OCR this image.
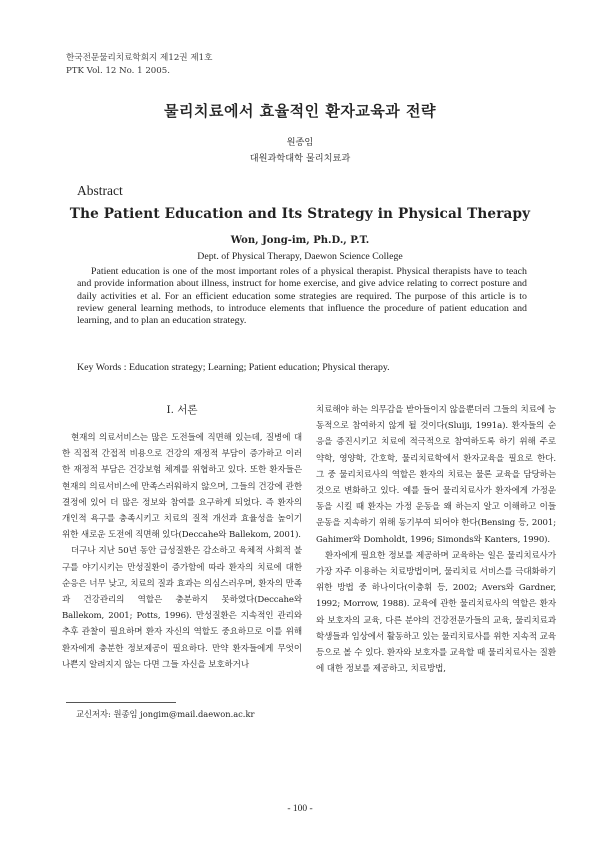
한국전문물리치료학회지 제12권 제1호
PTK Vol. 12 No. 1 2005.
물리치료에서 효율적인 환자교육과 전략
원종임
대원과학대학 물리치료과
Abstract
The Patient Education and Its Strategy in Physical Therapy
Won, Jong-im, Ph.D., P.T.
Dept. of Physical Therapy, Daewon Science College

Patient education is one of the most important roles of a physical therapist. Physical therapists have to teach and provide information about illness, instruct for home exercise, and give advice relating to correct posture and daily activities et al. For an efficient education some strategies are required. The purpose of this article is to review general learning methods, to introduce elements that influence the procedure of patient education and learning, and to plan an education strategy.

Key Words : Education strategy; Learning; Patient education; Physical therapy.
I. 서론

현재의 의료서비스는 많은 도전들에 직면해 있는데, 질병에 대한 직접적 간접적 비용으로 건강의 재정적 부담이 증가하고 이러한 재정적 부담은 건강보험 체계를 위협하고 있다. 또한 환자들은 현재의 의료서비스에 만족스러워하지 않으며, 그들의 건강에 관한 결정에 있어 더 많은 정보와 참여를 요구하게 되었다. 즉 환자의 개인적 욕구를 충족시키고 치료의 질적 개선과 효율성을 높이기 위한 새로운 도전에 직면해 있다(Deccahe와 Ballekom, 2001).

더구나 지난 50년 동안 급성질환은 감소하고 육체적 사회적 불구를 야기시키는 만성질환이 증가함에 따라 환자의 치료에 대한 순응은 너무 낮고, 치료의 질과 효과는 의심스러우며, 환자의 만족과 건강관리의 역할은 충분하지 못하였다(Deccahe와 Ballekom, 2001; Potts, 1996). 만성질환은 지속적인 관리와 추후 관찰이 필요하며 환자 자신의 역할도 중요하므로 이를 위해 환자에게 충분한 정보제공이 필요하다. 만약 환자들에게 무엇이 나쁜지 알려지지 않는 다면 그들 자신을 보호하거나

치료해야 하는 의무감을 받아들이지 않을뿐더러 그들의 치료에 능동적으로 참여하지 않게 될 것이다(Sluiji, 1991a). 환자들의 순응을 증진시키고 치료에 적극적으로 참여하도록 하기 위해 주로 약학, 영양학, 간호학, 물리치료학에서 환자교육을 필요로 한다. 그 중 물리치료사의 역할은 환자의 치료는 물론 교육을 담당하는 것으로 변화하고 있다. 예를 들어 물리치료사가 환자에게 가정운동을 시킬 때 환자는 가정 운동을 왜 하는지 알고 이해하고 이들 운동을 지속하기 위해 동기부여 되어야 한다(Bensing 등, 2001; Gahimer와 Domholdt, 1996; Simonds와 Kanters, 1990).

환자에게 필요한 정보를 제공하며 교육하는 일은 물리치료사가 가장 자주 이용하는 치료방법이며, 물리치료 서비스를 극대화하기 위한 방법 중 하나이다(이충휘 등, 2002; Avers와 Gardner, 1992; Morrow, 1988). 교육에 관한 물리치료사의 역할은 환자와 보호자의 교육, 다른 분야의 건강전문가들의 교육, 물리치료과 학생들과 임상에서 활동하고 있는 물리치료사를 위한 지속적 교육 등으로 볼 수 있다. 환자와 보호자를 교육할 때 물리치료사는 질환에 대한 정보를 제공하고, 치료방법,

교신저자: 원종임 jongim@mail.daewon.ac.kr
- 100 -
